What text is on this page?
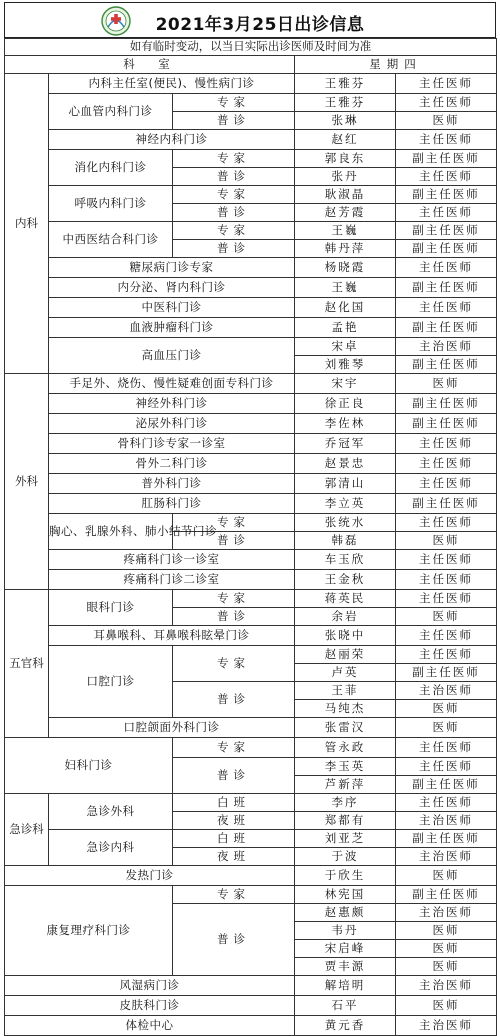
2021年3月25日出诊信息
如有临时变动，以当日实际出诊医师及时间为准				
科　室			星期四	
内科	内科主任室(便民)、慢性病门诊		王雅芬	主任医师
	心血管内科门诊	专家	王雅芬	主任医师
		普诊	张琳	医师
	神经内科门诊		赵红	主任医师
	消化内科门诊	专家	郭良东	副主任医师
		普诊	张丹	主任医师
	呼吸内科门诊	专家	耿淑晶	副主任医师
		普诊	赵芳霞	主任医师
	中西医结合科门诊	专家	王巍	副主任医师
		普诊	韩丹萍	副主任医师
	糖尿病门诊专家		杨晓霞	主任医师
	内分泌、肾内科门诊		王巍	副主任医师
	中医科门诊		赵化国	主任医师
	血液肿瘤科门诊		孟艳	副主任医师
	高血压门诊		宋卓	主治医师
			刘雅琴	副主任医师
外科	手足外、烧伤、慢性疑难创面专科门诊		宋宇	医师
	神经外科门诊		徐正良	副主任医师
	泌尿外科门诊		李佐林	副主任医师
	骨科门诊专家一诊室		乔冠军	主任医师
	骨外二科门诊		赵景忠	主任医师
	普外科门诊		郭清山	主任医师
	肛肠科门诊		李立英	副主任医师
	胸心、乳腺外科、肺小结节门诊	专家	张统水	主任医师
		普诊	韩磊	医师
	疼痛科门诊一诊室		车玉欣	主任医师
	疼痛科门诊二诊室		王金秋	主任医师
五官科	眼科门诊	专家	蒋英民	主任医师
		普诊	余岩	医师
	耳鼻喉科、耳鼻喉科眩晕门诊		张晓中	主任医师
	口腔门诊	专家	赵丽荣	主任医师
			卢英	副主任医师
		普诊	王菲	主治医师
			马纯杰	医师
	口腔颌面外科门诊		张雷汉	医师
妇科门诊		专家	管永政	主任医师
		普诊	李玉英	主任医师
			芦新萍	副主任医师
急诊科	急诊外科	白班	李序	主任医师
		夜班	郑都有	主治医师
	急诊内科	白班	刘亚芝	副主任医师
		夜班	于波	主治医师
发热门诊			于欣生	医师
康复理疗科门诊		专家	林宪国	副主任医师
		普诊	赵惠颇	主治医师
			韦丹	医师
			宋启峰	医师
			贾丰源	医师
风湿病门诊			解培明	主治医师
皮肤科门诊			石平	医师
体检中心			黄元香	主治医师
